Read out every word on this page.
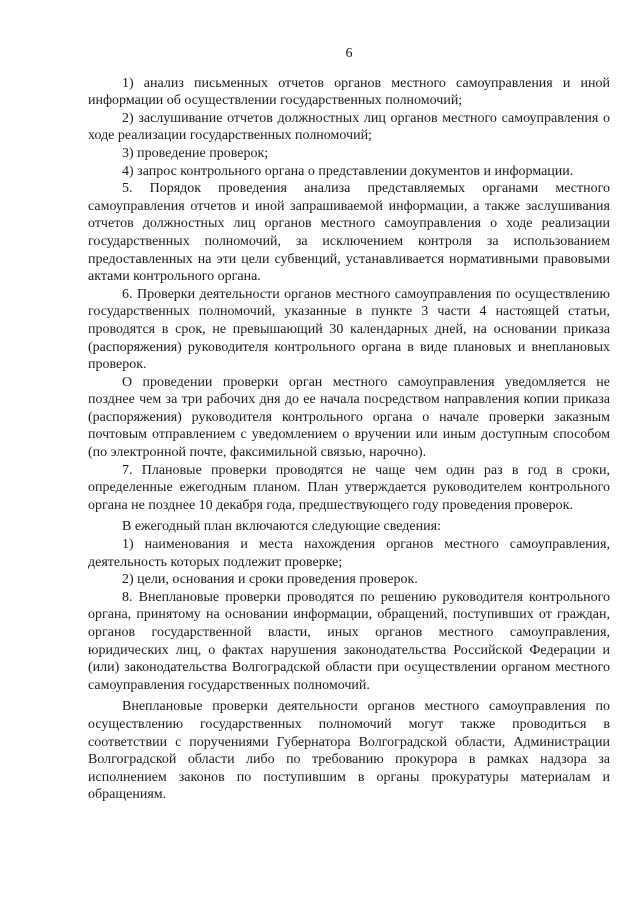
6

1) анализ письменных отчетов органов местного самоуправления и иной информации об осуществлении государственных полномочий;

2) заслушивание отчетов должностных лиц органов местного самоуправления о ходе реализации государственных полномочий;

3) проведение проверок;

4) запрос контрольного органа о представлении документов и информации.

5. Порядок проведения анализа представляемых органами местного самоуправления отчетов и иной запрашиваемой информации, а также заслушивания отчетов должностных лиц органов местного самоуправления о ходе реализации государственных полномочий, за исключением контроля за использованием предоставленных на эти цели субвенций, устанавливается нормативными правовыми актами контрольного органа.

6. Проверки деятельности органов местного самоуправления по осуществлению государственных полномочий, указанные в пункте 3 части 4 настоящей статьи, проводятся в срок, не превышающий 30 календарных дней, на основании приказа (распоряжения) руководителя контрольного органа в виде плановых и внеплановых проверок.

О проведении проверки орган местного самоуправления уведомляется не позднее чем за три рабочих дня до ее начала посредством направления копии приказа (распоряжения) руководителя контрольного органа о начале проверки заказным почтовым отправлением с уведомлением о вручении или иным доступным способом (по электронной почте, факсимильной связью, нарочно).

7. Плановые проверки проводятся не чаще чем один раз в год в сроки, определенные ежегодным планом. План утверждается руководителем контрольного органа не позднее 10 декабря года, предшествующего году проведения проверок.

В ежегодный план включаются следующие сведения:

1) наименования и места нахождения органов местного самоуправления, деятельность которых подлежит проверке;

2) цели, основания и сроки проведения проверок.

8. Внеплановые проверки проводятся по решению руководителя контрольного органа, принятому на основании информации, обращений, поступивших от граждан, органов государственной власти, иных органов местного самоуправления, юридических лиц, о фактах нарушения законодательства Российской Федерации и (или) законодательства Волгоградской области при осуществлении органом местного самоуправления государственных полномочий.

Внеплановые проверки деятельности органов местного самоуправления по осуществлению государственных полномочий могут также проводиться в соответствии с поручениями Губернатора Волгоградской области, Администрации Волгоградской области либо по требованию прокурора в рамках надзора за исполнением законов по поступившим в органы прокуратуры материалам и обращениям.
